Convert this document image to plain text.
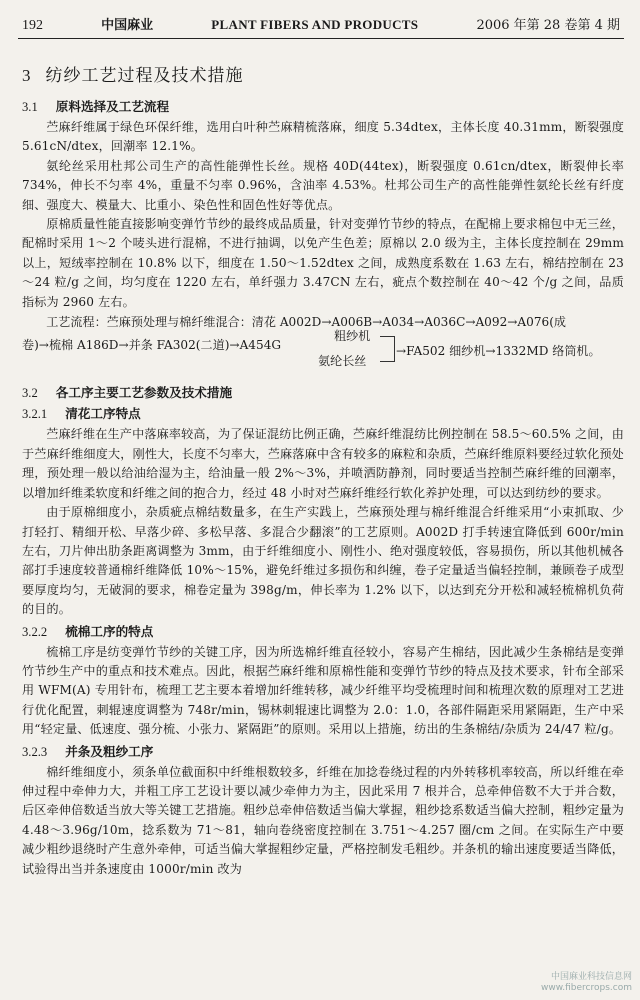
192	中国麻业	PLANT FIBERS AND PRODUCTS	2006 年第 28 卷第 4 期
3 纺纱工艺过程及技术措施
3.1 原料选择及工艺流程

苎麻纤维属于绿色环保纤维，选用白叶种苎麻精梳落麻，细度 5.34dtex，主体长度 40.31mm，断裂强度 5.61cN/dtex，回潮率 12.1%。

氨纶丝采用杜邦公司生产的高性能弹性长丝。规格 40D(44tex)，断裂强度 0.61cn/dtex，断裂伸长率 734%，伸长不匀率 4%，重量不匀率 0.96%，含油率 4.53%。杜邦公司生产的高性能弹性氨纶长丝有纤度细、强度大、模量大、比重小、染色性和固色性好等优点。

原棉质量性能直接影响变弹竹节纱的最终成品质量，针对变弹竹节纱的特点，在配棉上要求棉包中无三丝，配棉时采用 1～2 个唛头进行混棉，不进行抽调，以免产生色差；原棉以 2.0 级为主，主体长度控制在 29mm 以上，短绒率控制在 10.8% 以下，细度在 1.50～1.52dtex 之间，成熟度系数在 1.63 左右，棉结控制在 23～24 粒/g 之间，均匀度在 1220 左右，单纤强力 3.47CN 左右，疵点个数控制在 40～42 个/g 之间，品质指标为 2960 左右。

工艺流程：苎麻预处理与棉纤维混合：清花 A002D→A006B→A034→A036C→A092→A076(成
卷)→梳棉 A186D→并条 FA302(二道)→A454G
粗纱机
氨纶长丝
→FA502 细纱机→1332MD 络筒机。
3.2 各工序主要工艺参数及技术措施
3.2.1 清花工序特点

苎麻纤维在生产中落麻率较高，为了保证混纺比例正确，苎麻纤维混纺比例控制在 58.5～60.5% 之间，由于苎麻纤维细度大，刚性大，长度不匀率大，苎麻落麻中含有较多的麻粒和杂质，苎麻纤维原料要经过软化预处理，预处理一般以给油给湿为主，给油量一般 2%～3%，并喷洒防静剂，同时要适当控制苎麻纤维的回潮率，以增加纤维柔软度和纤维之间的抱合力，经过 48 小时对苎麻纤维经行软化养护处理，可以达到纺纱的要求。

由于原棉细度小，杂质疵点棉结数量多，在生产实践上，苎麻预处理与棉纤维混合纤维采用“小束抓取、少打轻打、精细开松、早落少碎、多松早落、多混合少翻滚”的工艺原则。A002D 打手转速宜降低到 600r/min 左右，刀片伸出肋条距离调整为 3mm，由于纤维细度小、刚性小、绝对强度较低，容易损伤，所以其他机械各部打手速度较普通棉纤维降低 10%～15%，避免纤维过多损伤和纠缠，卷子定量适当偏轻控制，兼顾卷子成型要厚度均匀，无破洞的要求，棉卷定量为 398g/m，伸长率为 1.2% 以下，以达到充分开松和减轻梳棉机负荷的目的。

3.2.2 梳棉工序的特点

梳棉工序是纺变弹竹节纱的关键工序，因为所选棉纤维直径较小，容易产生棉结，因此减少生条棉结是变弹竹节纱生产中的重点和技术难点。因此，根据苎麻纤维和原棉性能和变弹竹节纱的特点及技术要求，针布全部采用 WFM(A) 专用针布，梳理工艺主要本着增加纤维转移，减少纤维平均受梳理时间和梳理次数的原理对工艺进行优化配置，刺辊速度调整为 748r/min，锡林刺辊速比调整为 2.0：1.0，各部件隔距采用紧隔距，生产中采用“轻定量、低速度、强分梳、小张力、紧隔距”的原则。采用以上措施，纺出的生条棉结/杂质为 24/47 粒/g。

3.2.3 并条及粗纱工序

棉纤维细度小，须条单位截面积中纤维根数较多，纤维在加捻卷绕过程的内外转移机率较高，所以纤维在牵伸过程中牵伸力大，并粗工序工艺设计要以减少牵伸力为主，因此采用 7 根并合，总牵伸倍数不大于并合数，后区牵伸倍数适当放大等关键工艺措施。粗纱总牵伸倍数适当偏大掌握，粗纱捻系数适当偏大控制，粗纱定量为 4.48～3.96g/10m，捻系数为 71～81，轴向卷绕密度控制在 3.751～4.257 圈/cm 之间。在实际生产中要减少粗纱退绕时产生意外牵伸，可适当偏大掌握粗纱定量，严格控制发毛粗纱。并条机的输出速度要适当降低，试验得出当并条速度由 1000r/min 改为

中国麻业科技信息网
www.fibercrops.com
